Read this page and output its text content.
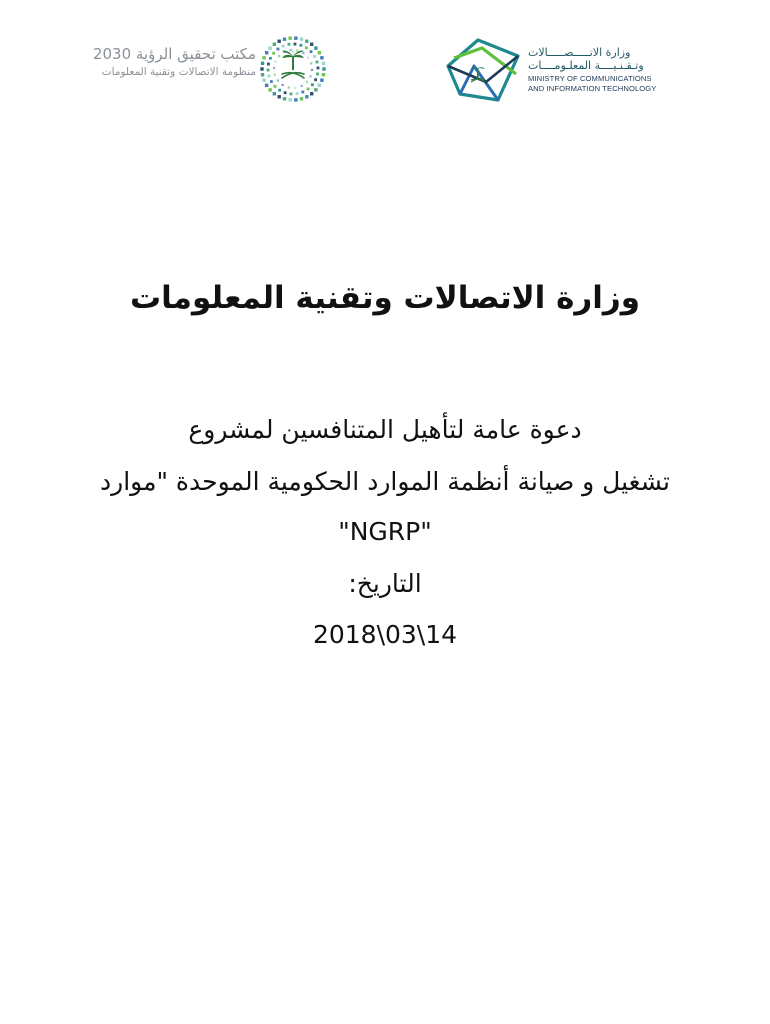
مكتب تحقيق الرؤية 2030
منظومة الاتصالات وتقنية المعلومات
وزارة الاتـــــصـــــالات
وتـقـنـيــــة المعلـومــــات
MINISTRY OF COMMUNICATIONS
AND INFORMATION TECHNOLOGY
وزارة الاتصالات وتقنية المعلومات
دعوة عامة لتأهيل المتنافسين لمشروع
تشغيل و صيانة أنظمة الموارد الحكومية الموحدة "موارد
"NGRP"
التاريخ:
2018\03\14
